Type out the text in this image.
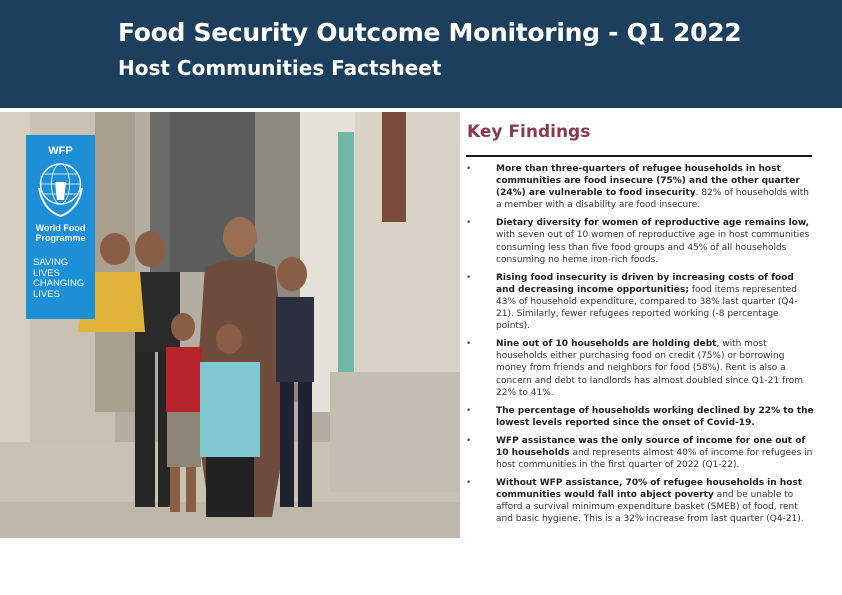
Food Security Outcome Monitoring - Q1 2022
Host Communities Factsheet
WFP
World Food
Programme
SAVING
LIVES
CHANGING
LIVES
Key Findings
•	More than three-quarters of refugee households in host communities are food insecure (75%) and the other quarter (24%) are vulnerable to food insecurity. 82% of households with a member with a disability are food insecure.
•	Dietary diversity for women of reproductive age remains low, with seven out of 10 women of reproductive age in host communities consuming less than five food groups and 45% of all households consuming no heme iron-rich foods.
•	Rising food insecurity is driven by increasing costs of food and decreasing income opportunities; food items represented 43% of household expenditure, compared to 38% last quarter (Q4-21). Similarly, fewer refugees reported working (-8 percentage points).
•	Nine out of 10 households are holding debt, with most households either purchasing food on credit (75%) or borrowing money from friends and neighbors for food (58%). Rent is also a concern and debt to landlords has almost doubled since Q1-21 from 22% to 41%.
•	The percentage of households working declined by 22% to the lowest levels reported since the onset of Covid-19.
•	WFP assistance was the only source of income for one out of 10 households and represents almost 40% of income for refugees in host communities in the first quarter of 2022 (Q1-22).
•	Without WFP assistance, 70% of refugee households in host communities would fall into abject poverty and be unable to afford a survival minimum expenditure basket (SMEB) of food, rent and basic hygiene. This is a 32% increase from last quarter (Q4-21).
